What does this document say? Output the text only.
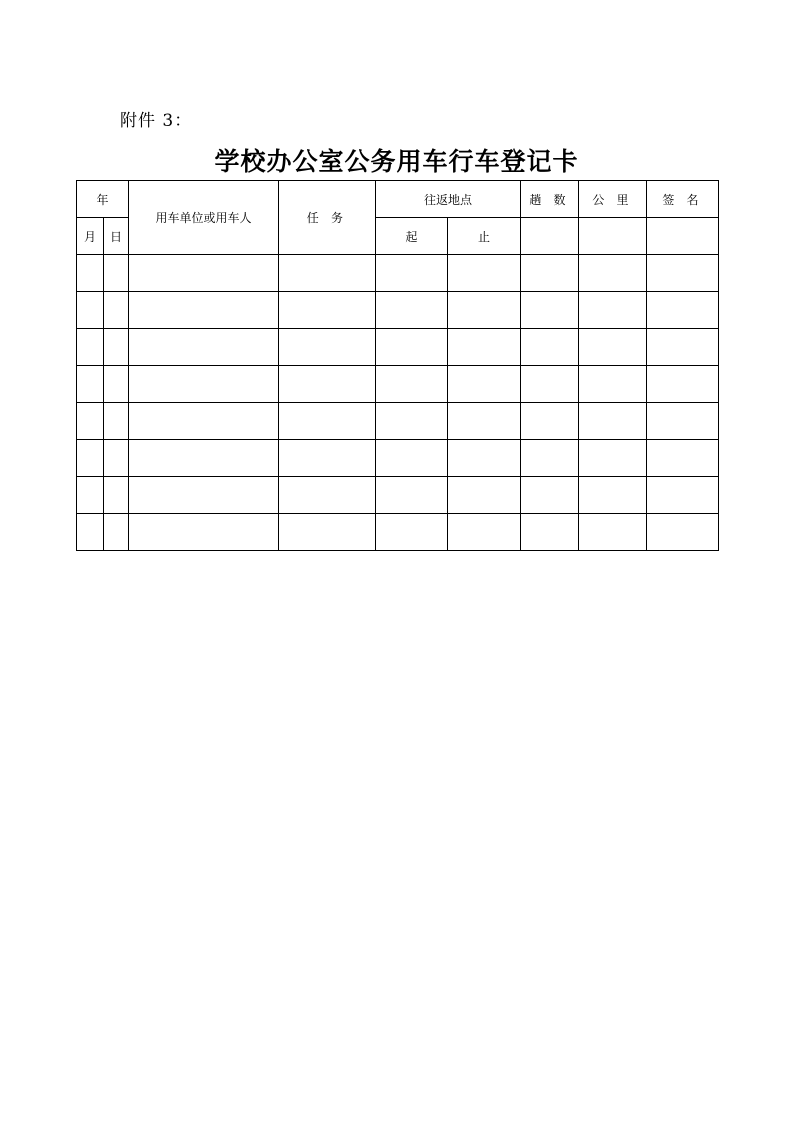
附件 3：
学校办公室公务用车行车登记卡
年		用车单位或用车人	任 务	往返地点		趟 数	公 里	签 名
月	日			起	止			
